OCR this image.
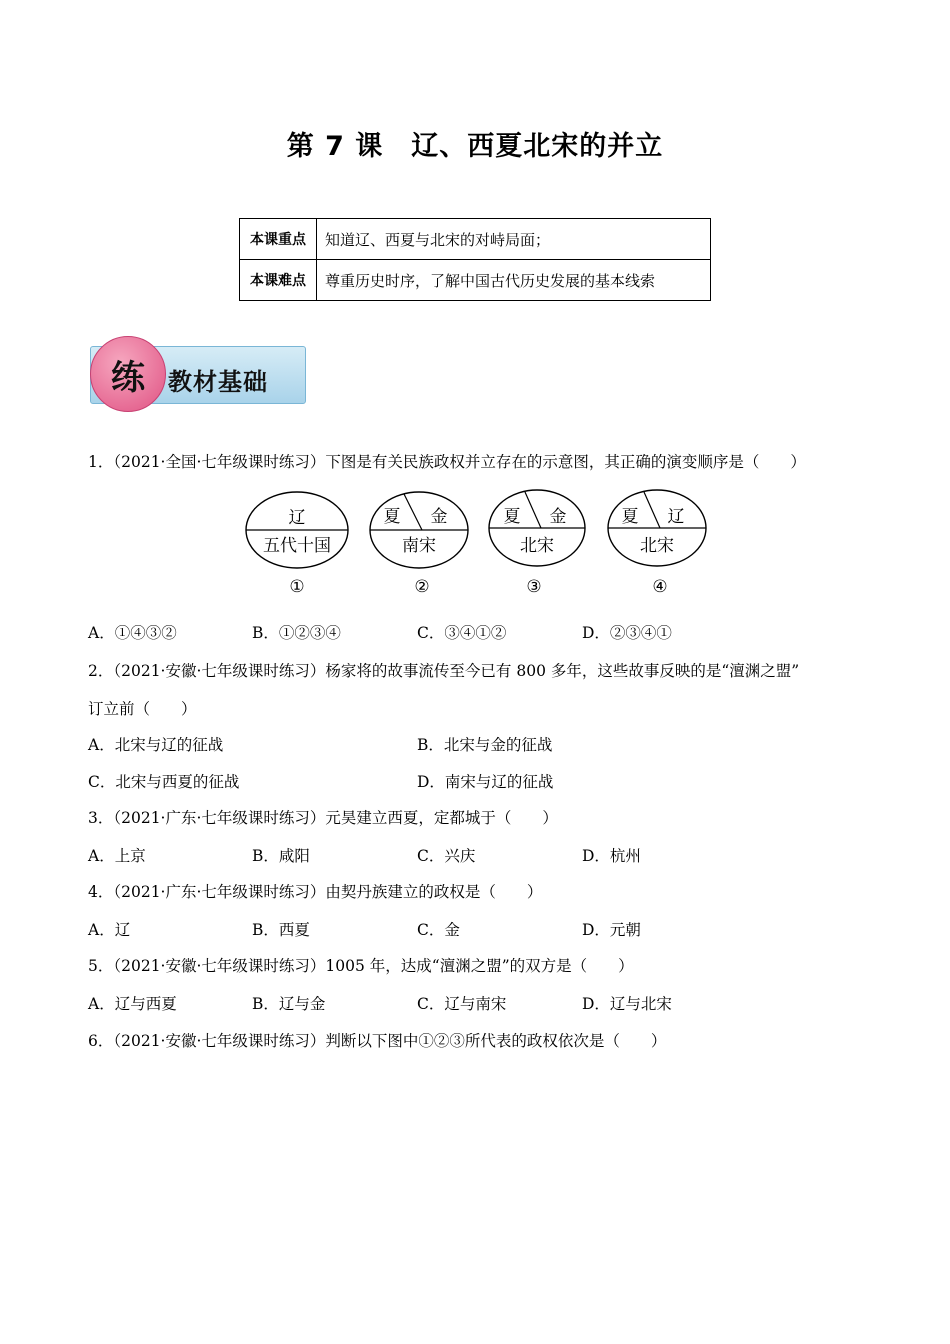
第 7 课　辽、西夏北宋的并立
本课重点	知道辽、西夏与北宋的对峙局面；
本课难点	尊重历史时序，了解中国古代历史发展的基本线索
练 教材基础
1．（2021·全国·七年级课时练习）下图是有关民族政权并立存在的示意图，其正确的演变顺序是（　　）
辽
五代十国
①
夏 金
南宋
②
夏 金
北宋
③
夏 辽
北宋
④
A．①④③②	B．①②③④	C．③④①②	D．②③④①
2．（2021·安徽·七年级课时练习）杨家将的故事流传至今已有 800 多年，这些故事反映的是“澶渊之盟”
订立前（　　）
A．北宋与辽的征战	B．北宋与金的征战
C．北宋与西夏的征战	D．南宋与辽的征战
3．（2021·广东·七年级课时练习）元昊建立西夏，定都城于（　　）
A．上京	B．咸阳	C．兴庆	D．杭州
4．（2021·广东·七年级课时练习）由契丹族建立的政权是（　　）
A．辽	B．西夏	C．金	D．元朝
5．（2021·安徽·七年级课时练习）1005 年，达成“澶渊之盟”的双方是（　　）
A．辽与西夏	B．辽与金	C．辽与南宋	D．辽与北宋
6．（2021·安徽·七年级课时练习）判断以下图中①②③所代表的政权依次是（　　）
